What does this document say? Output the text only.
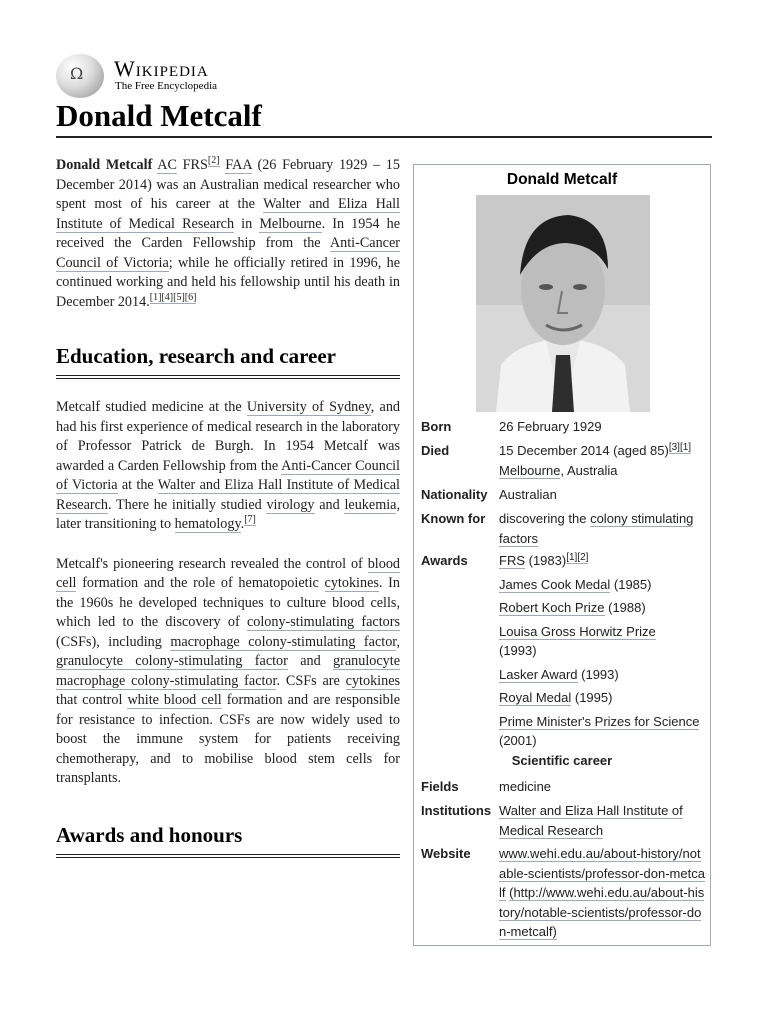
Ω Wikipedia
The Free Encyclopedia
Donald Metcalf

Donald Metcalf AC FRS[2] FAA (26 February 1929 – 15 December 2014) was an Australian medical researcher who spent most of his career at the Walter and Eliza Hall Institute of Medical Research in Melbourne. In 1954 he received the Carden Fellowship from the Anti-Cancer Council of Victoria; while he officially retired in 1996, he continued working and held his fellowship until his death in December 2014.[1][4][5][6]

Education, research and career

Metcalf studied medicine at the University of Sydney, and had his first experience of medical research in the laboratory of Professor Patrick de Burgh. In 1954 Metcalf was awarded a Carden Fellowship from the Anti-Cancer Council of Victoria at the Walter and Eliza Hall Institute of Medical Research. There he initially studied virology and leukemia, later transitioning to hematology.[7]

Metcalf's pioneering research revealed the control of blood cell formation and the role of hematopoietic cytokines. In the 1960s he developed techniques to culture blood cells, which led to the discovery of colony-stimulating factors (CSFs), including macrophage colony-stimulating factor, granulocyte colony-stimulating factor and granulocyte macrophage colony-stimulating factor. CSFs are cytokines that control white blood cell formation and are responsible for resistance to infection. CSFs are now widely used to boost the immune system for patients receiving chemotherapy, and to mobilise blood stem cells for transplants.

Awards and honours
Donald Metcalf
Born	26 February 1929
Died	15 December 2014 (aged 85)[3][1]
Melbourne, Australia
Nationality Australian
Known for	discovering the colony stimulating factors
Awards	FRS (1983)[1][2]
James Cook Medal (1985)
Robert Koch Prize (1988)
Louisa Gross Horwitz Prize
(1993)
Lasker Award (1993)
Royal Medal (1995)
Prime Minister's Prizes for Science (2001)
Scientific career
Fields	medicine
Institutions Walter and Eliza Hall Institute of Medical Research
Website	www.wehi.edu.au/about-history/notable-scientists/professor-don-metcalf (http://www.wehi.edu.au/about-history/notable-scientists/professor-don-metcalf)
